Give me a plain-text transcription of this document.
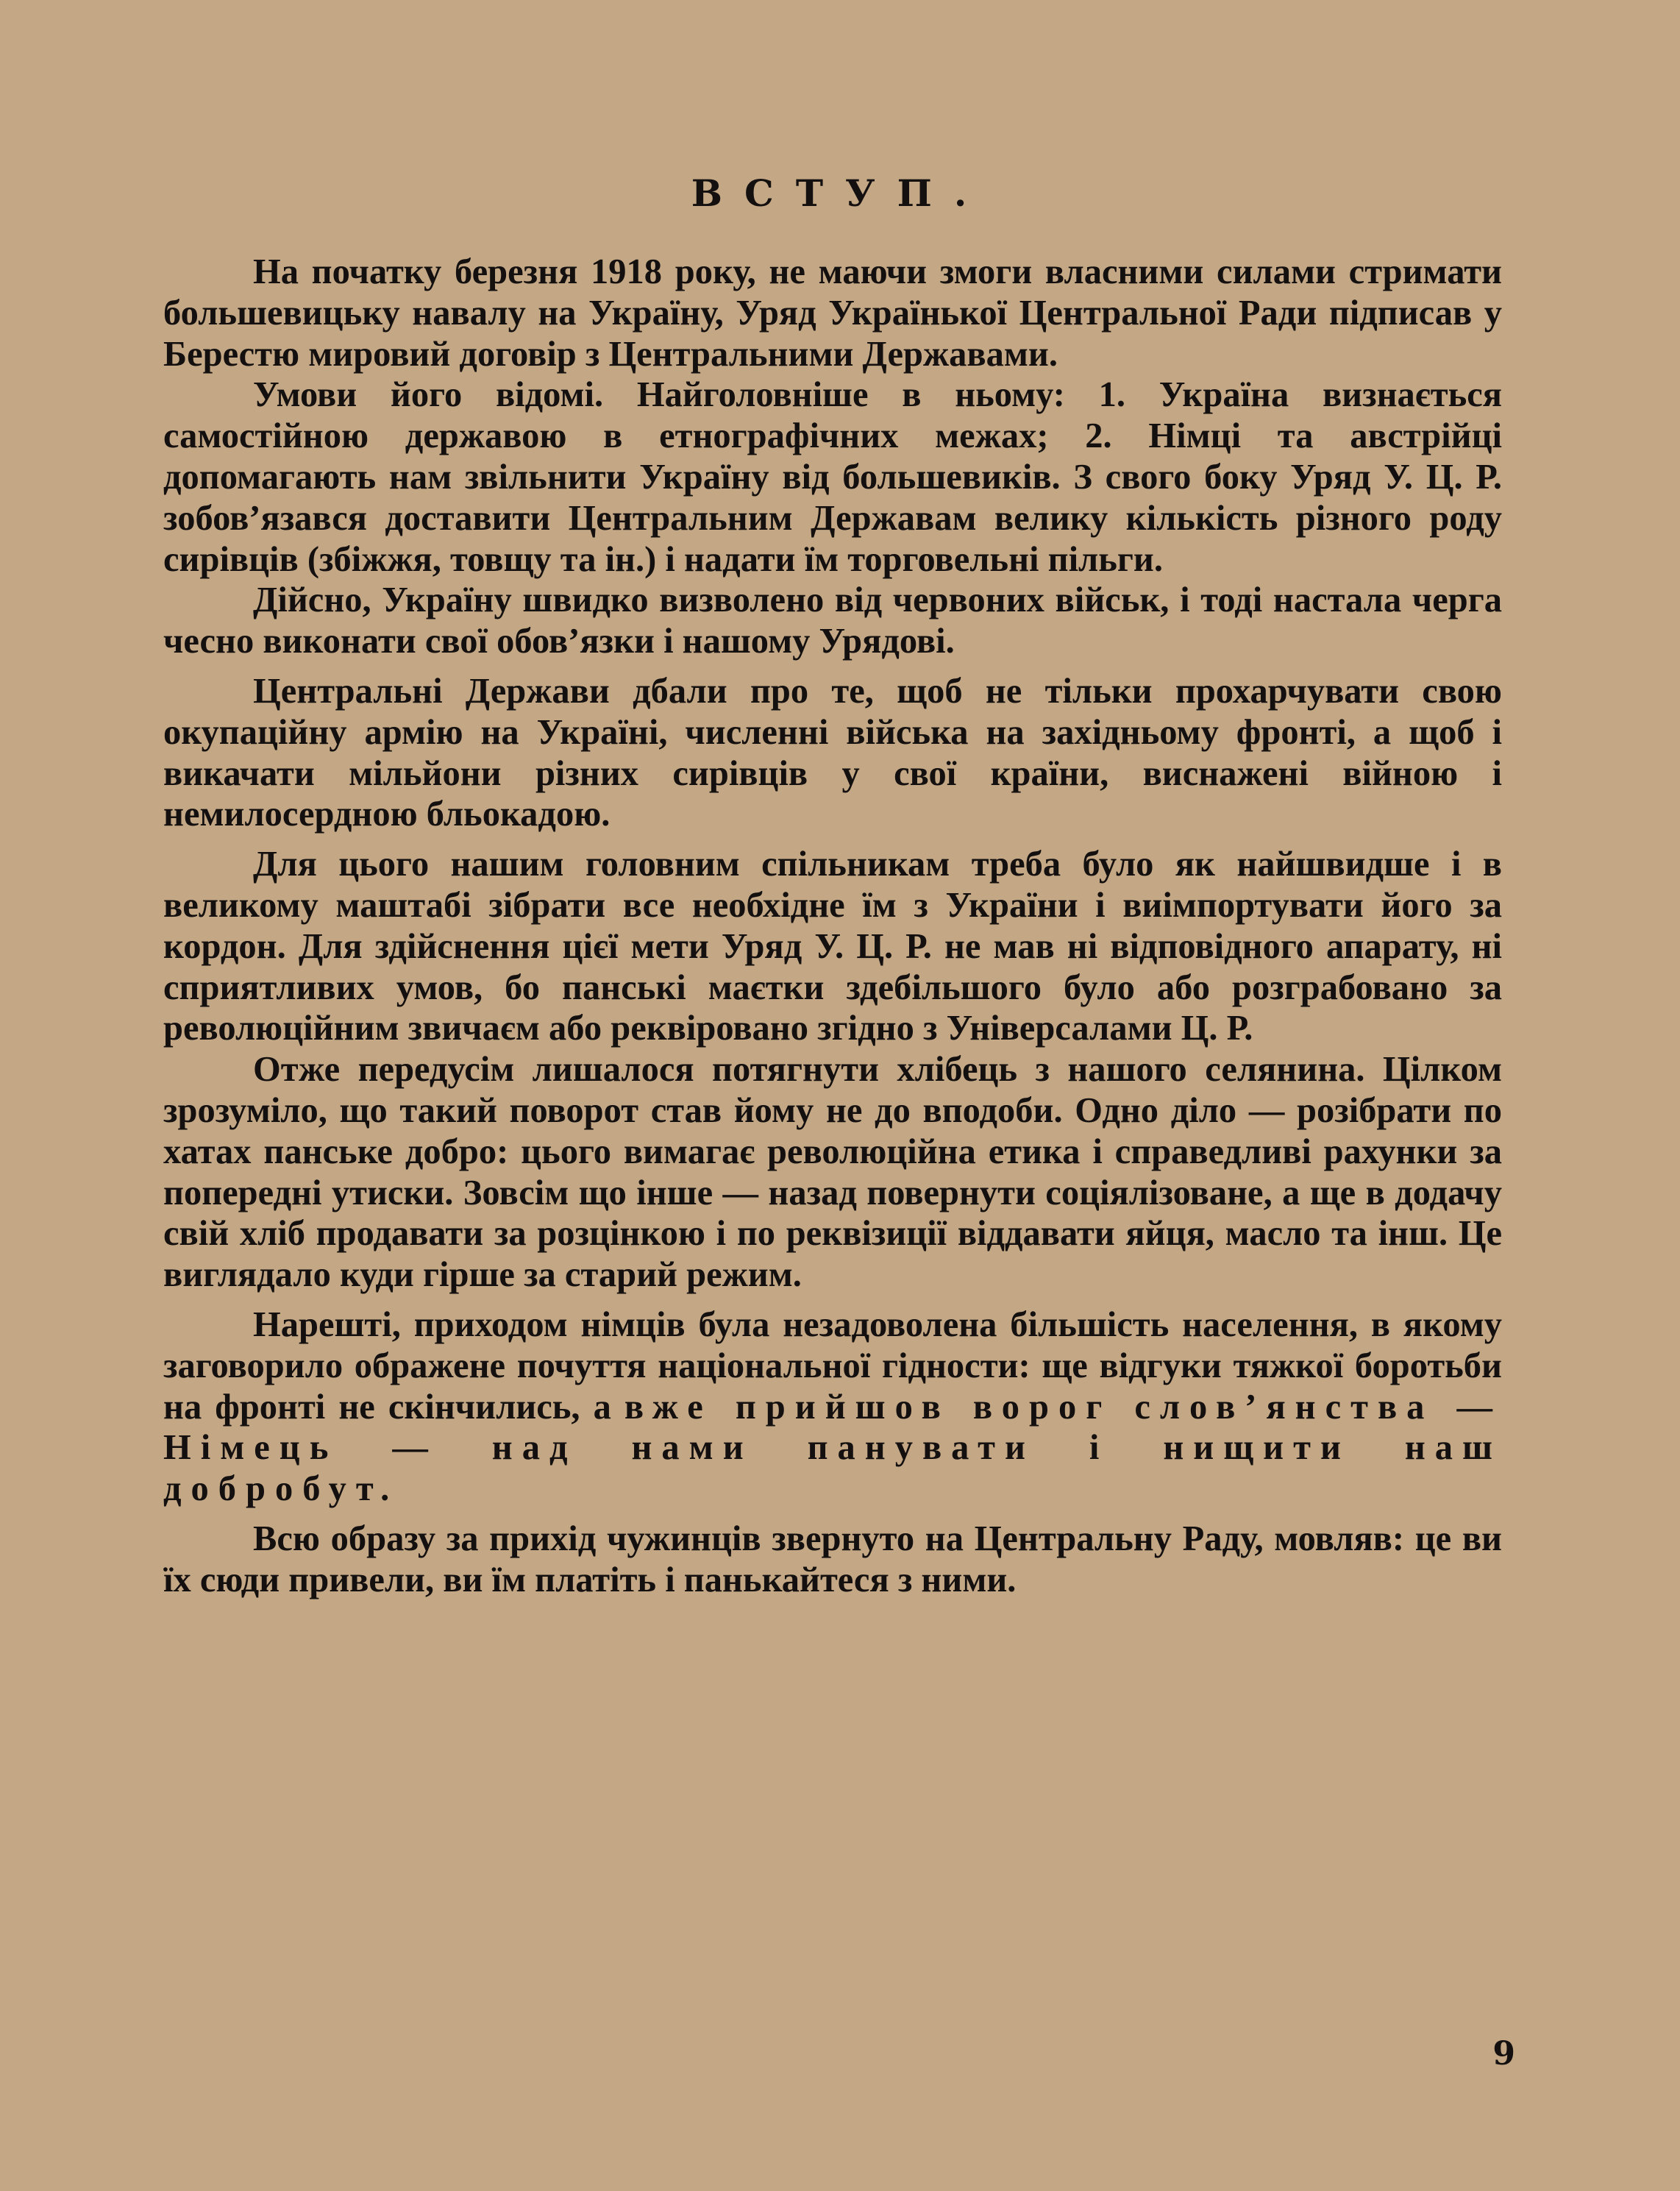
ВСТУП.

На початку березня 1918 року, не маючи змоги власними силами стримати большевицьку навалу на Україну, Уряд Українької Центральної Ради підписав у Берестю мировий договір з Центральними Державами.

Умови його відомі. Найголовніше в ньому: 1. Україна визнається самостійною державою в етнографічних межах; 2. Німці та австрійці допомагають нам звільнити Україну від большевиків. З свого боку Уряд У. Ц. Р. зобов’язався доставити Центральним Державам велику кількість різного роду сирівців (збіжжя, товщу та ін.) і надати їм торговельні пільги.

Дійсно, Україну швидко визволено від червоних військ, і тоді настала черга чесно виконати свої обов’язки і нашому Урядові.

Центральні Держави дбали про те, щоб не тільки прохарчувати свою окупаційну армію на Україні, численні війська на західньому фронті, а щоб і викачати мільйони різних сирівців у свої країни, виснажені війною і немилосердною бльокадою.

Для цього нашим головним спільникам треба було як найшвидше і в великому маштабі зібрати все необхідне їм з України і виімпортувати його за кордон. Для здійснення цієї мети Уряд У. Ц. Р. не мав ні відповідного апарату, ні сприятливих умов, бо панські маєтки здебільшого було або розграбовано за революційним звичаєм або реквіровано згідно з Універсалами Ц. Р.

Отже передусім лишалося потягнути хлібець з нашого селянина. Цілком зрозуміло, що такий поворот став йому не до вподоби. Одно діло — розібрати по хатах панське добро: цього вимагає революційна етика і справедливі рахунки за попередні утиски. Зовсім що інше — назад повернути соціялізоване, а ще в додачу свій хліб продавати за розцінкою і по реквізиції віддавати яйця, масло та інш. Це виглядало куди гірше за старий режим.

Нарешті, приходом німців була незадоволена більшість населення, в якому заговорило ображене почуття національної гідности: ще відгуки тяжкої боротьби на фронті не скінчились, а вже прийшов ворог слов’янства — Німець — над нами панувати і нищити наш добробут.

Всю образу за прихід чужинців звернуто на Центральну Раду, мовляв: це ви їх сюди привели, ви їм платіть і панькайтеся з ними.

9
